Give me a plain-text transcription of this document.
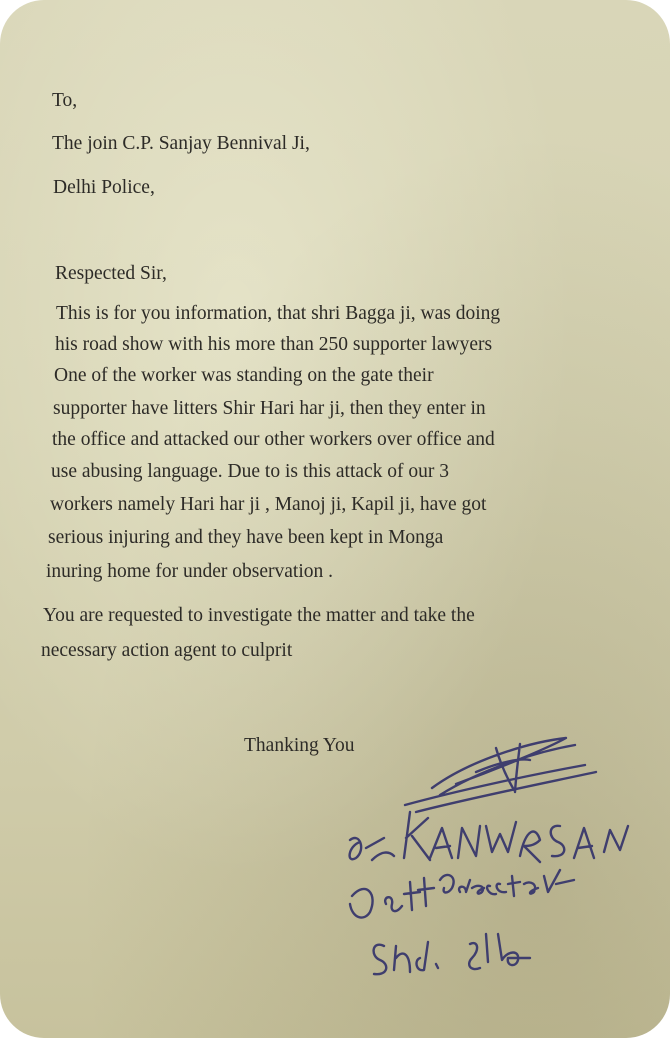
To,
The join C.P. Sanjay Bennival Ji,
Delhi Police,
Respected Sir,
This is for you information, that shri Bagga ji, was doing
his road show with his more than 250 supporter lawyers
One of the worker was standing on the gate their
supporter have litters Shir Hari har ji, then they enter in
the office and attacked our other workers over office and
use abusing language. Due to is this attack of our 3
workers namely Hari har ji , Manoj ji, Kapil ji, have got
serious injuring and they have been kept in Monga
inuring home for under observation .
You are requested to investigate the matter and take the
necessary action agent to culprit
Thanking You
